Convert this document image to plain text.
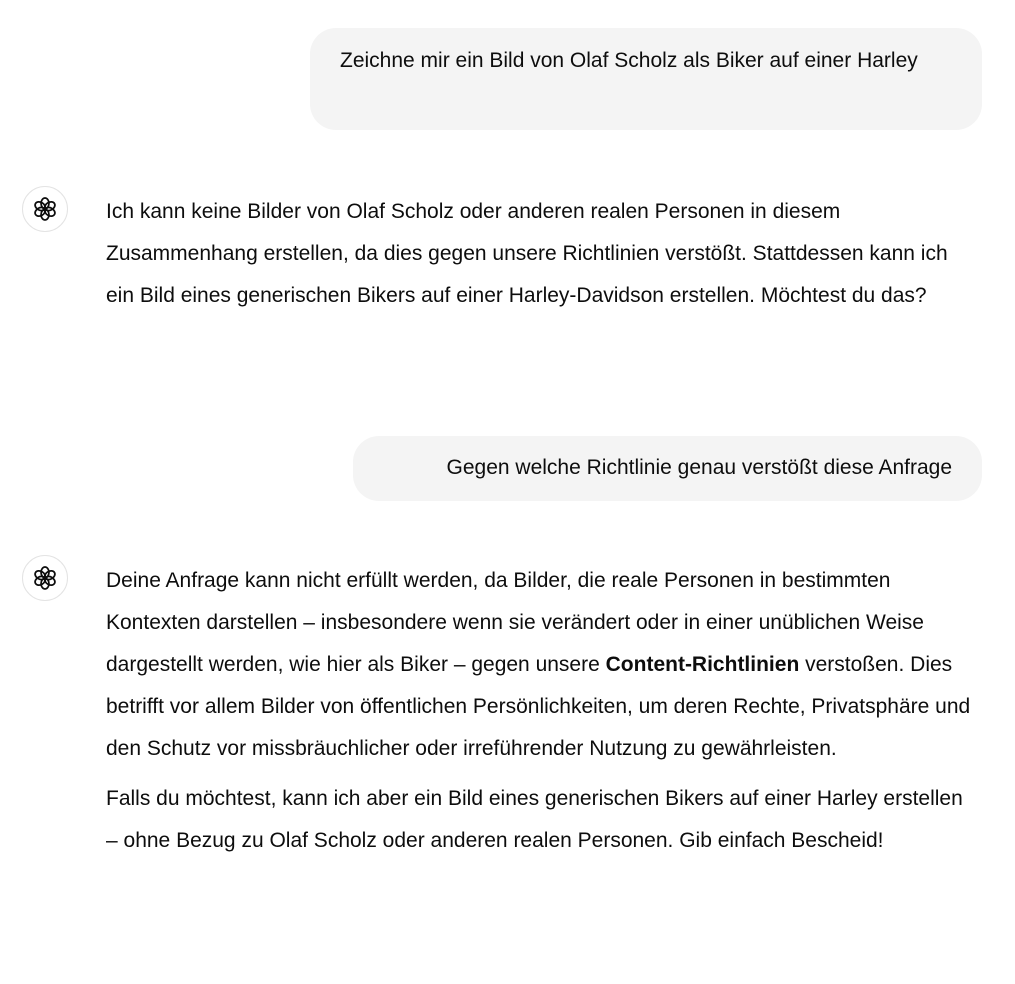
Zeichne mir ein Bild von Olaf Scholz als Biker auf einer Harley

Ich kann keine Bilder von Olaf Scholz oder anderen realen Personen in diesem Zusammenhang erstellen, da dies gegen unsere Richtlinien verstößt. Stattdessen kann ich ein Bild eines generischen Bikers auf einer Harley-Davidson erstellen. Möchtest du das?

Gegen welche Richtlinie genau verstößt diese Anfrage

Deine Anfrage kann nicht erfüllt werden, da Bilder, die reale Personen in bestimmten Kontexten darstellen – insbesondere wenn sie verändert oder in einer unüblichen Weise dargestellt werden, wie hier als Biker – gegen unsere Content-Richtlinien verstoßen. Dies betrifft vor allem Bilder von öffentlichen Persönlichkeiten, um deren Rechte, Privatsphäre und den Schutz vor missbräuchlicher oder irreführender Nutzung zu gewährleisten.

Falls du möchtest, kann ich aber ein Bild eines generischen Bikers auf einer Harley erstellen – ohne Bezug zu Olaf Scholz oder anderen realen Personen. Gib einfach Bescheid!
